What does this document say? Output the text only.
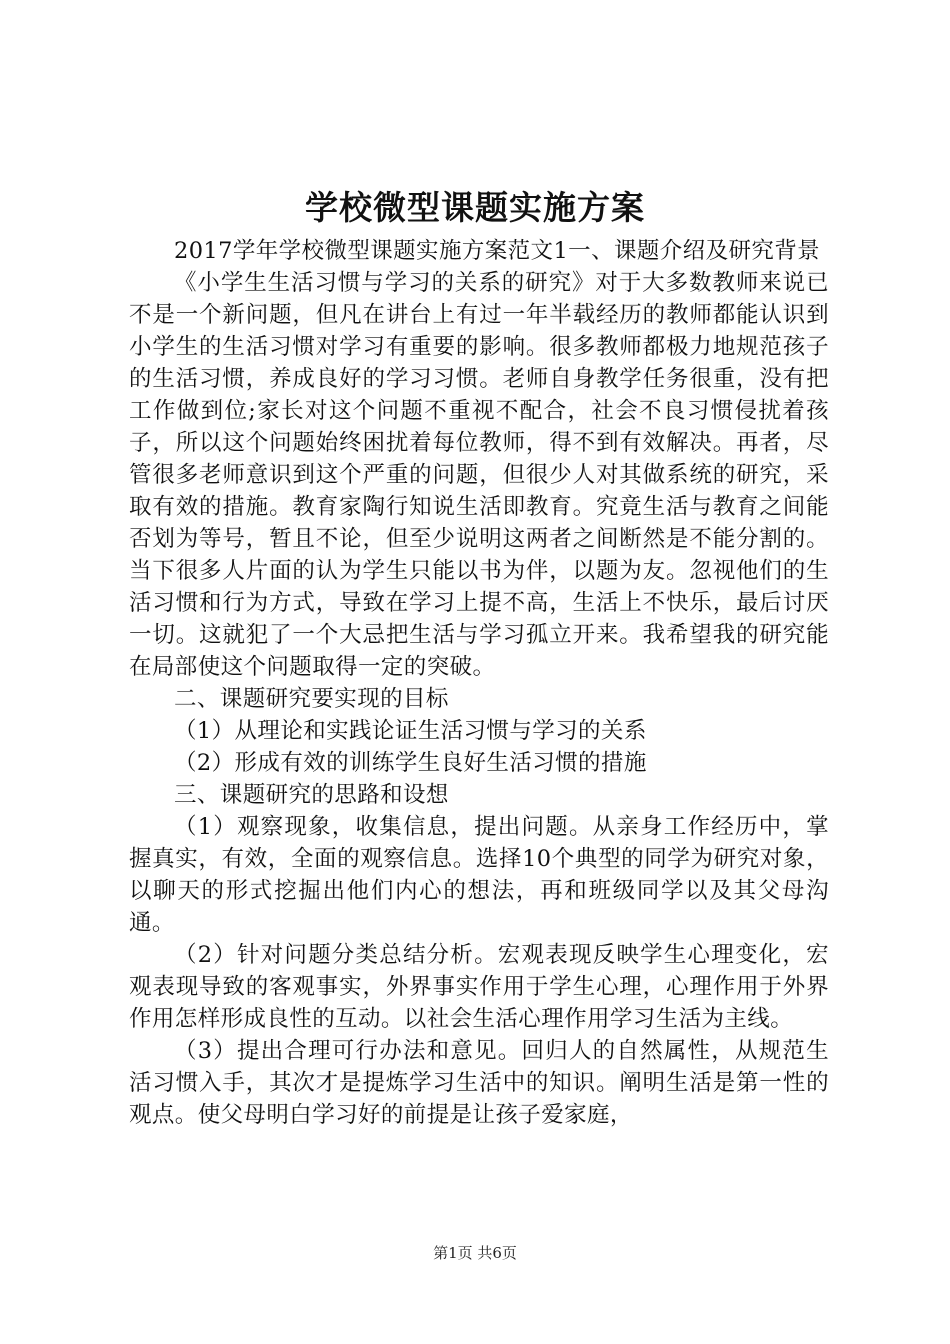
学校微型课题实施方案

2017学年学校微型课题实施方案范文1一、课题介绍及研究背景

《小学生生活习惯与学习的关系的研究》对于大多数教师来说已不是一个新问题，但凡在讲台上有过一年半载经历的教师都能认识到小学生的生活习惯对学习有重要的影响。很多教师都极力地规范孩子的生活习惯，养成良好的学习习惯。老师自身教学任务很重，没有把工作做到位;家长对这个问题不重视不配合，社会不良习惯侵扰着孩子，所以这个问题始终困扰着每位教师，得不到有效解决。再者，尽管很多老师意识到这个严重的问题，但很少人对其做系统的研究，采取有效的措施。教育家陶行知说生活即教育。究竟生活与教育之间能否划为等号，暂且不论，但至少说明这两者之间断然是不能分割的。当下很多人片面的认为学生只能以书为伴，以题为友。忽视他们的生活习惯和行为方式，导致在学习上提不高，生活上不快乐，最后讨厌一切。这就犯了一个大忌把生活与学习孤立开来。我希望我的研究能在局部使这个问题取得一定的突破。

二、课题研究要实现的目标

（1）从理论和实践论证生活习惯与学习的关系

（2）形成有效的训练学生良好生活习惯的措施

三、课题研究的思路和设想

（1）观察现象，收集信息，提出问题。从亲身工作经历中，掌握真实，有效，全面的观察信息。选择10个典型的同学为研究对象，以聊天的形式挖掘出他们内心的想法，再和班级同学以及其父母沟通。

（2）针对问题分类总结分析。宏观表现反映学生心理变化，宏观表现导致的客观事实，外界事实作用于学生心理，心理作用于外界作用怎样形成良性的互动。以社会生活心理作用学习生活为主线。

（3）提出合理可行办法和意见。回归人的自然属性，从规范生活习惯入手，其次才是提炼学习生活中的知识。阐明生活是第一性的观点。使父母明白学习好的前提是让孩子爱家庭，

第1页 共6页
